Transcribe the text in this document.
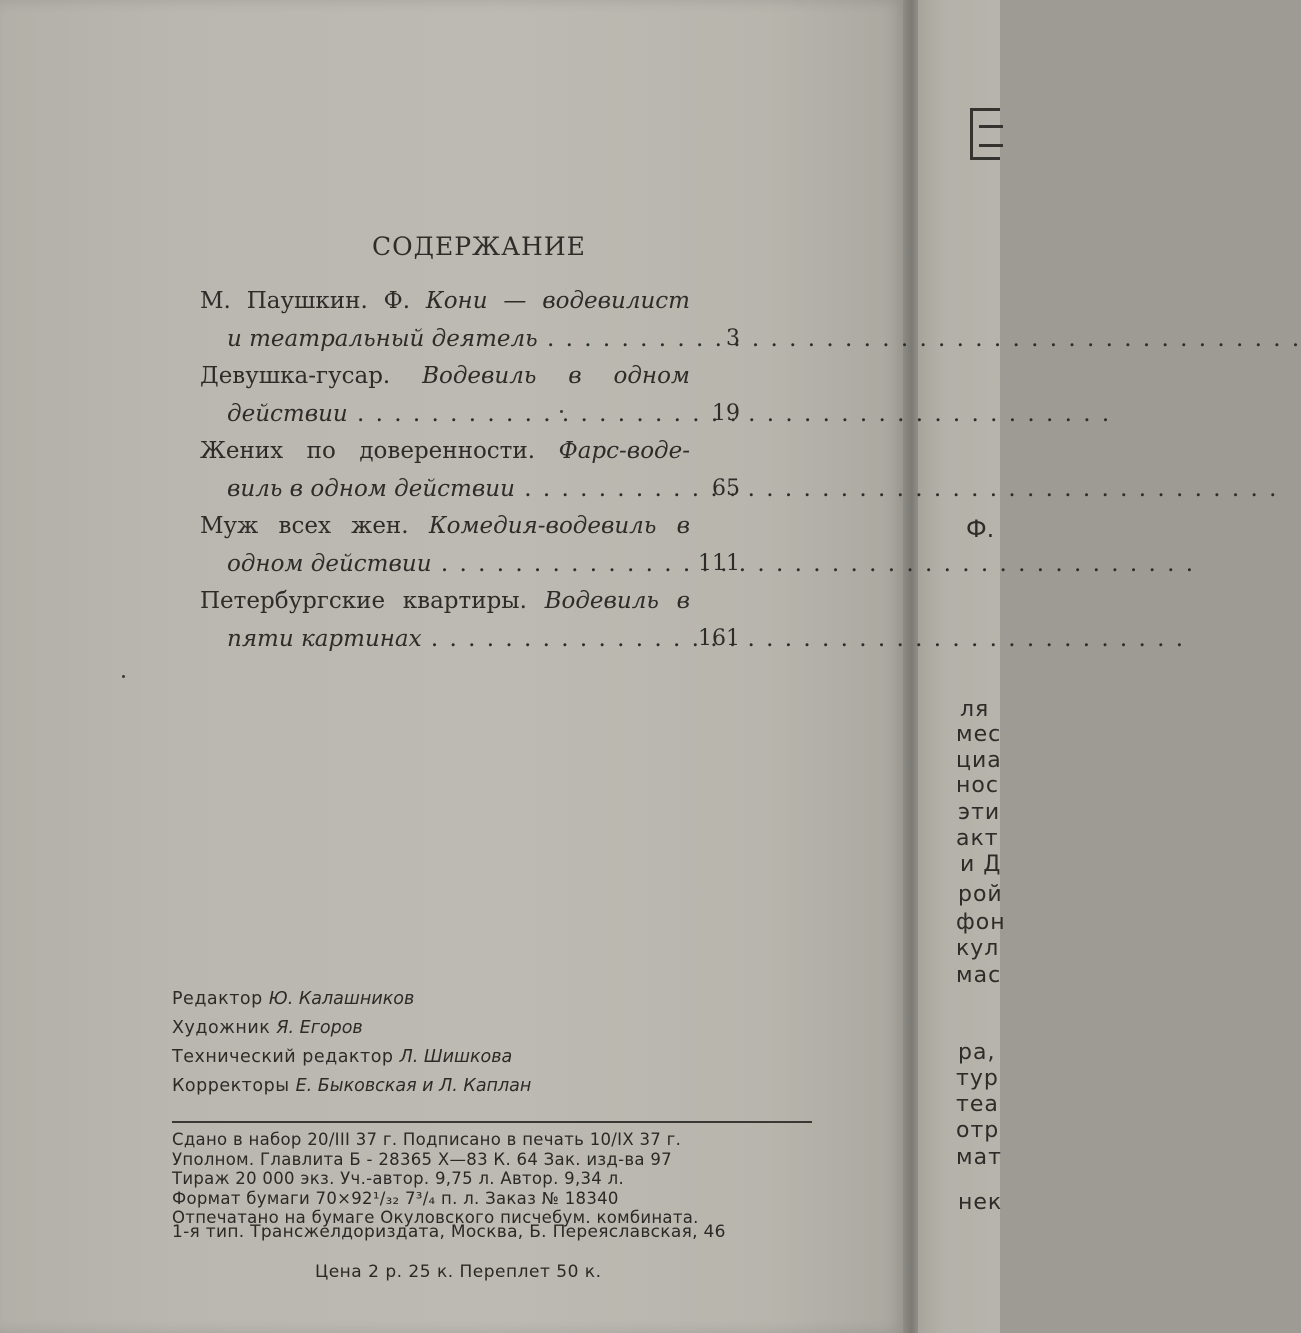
Ф.
ля
мес
циа
нос
эти
акт
и Д
рой
фон
кул
мас
ра,
тур
теа
отр
мат
нек
СОДЕРЖАНИЕ
М. Паушкин. Ф. Кони — водевилист
и театральный деятель . . .	3
Девушка-гусар. Водевиль в одном
действии . . .	19
Жених по доверенности. Фарс-воде-
виль в одном действии . . .	65
Муж всех жен. Комедия-водевиль в
одном действии . . .	111
Петербургские квартиры. Водевиль в
пяти картинах . . .	161
Редактор Ю. Калашников
Художник Я. Егоров
Технический редактор Л. Шишкова
Корректоры Е. Быковская и Л. Каплан
Сдано в набор 20/III 37 г. Подписано в печать 10/IX 37 г.
Уполном. Главлита Б - 28365 Х—83 К. 64 Зак. изд-ва 97
Тираж 20 000 экз. Уч.-автор. 9,75 л. Автор. 9,34 л.
Формат бумаги 70×92¹/₃₂ 7³/₄ п. л. Заказ № 18340
Отпечатано на бумаге Окуловского писчебум. комбината.
1-я тип. Трансжелдориздата, Москва, Б. Переяславская, 46
Цена 2 р. 25 к. Переплет 50 к.
